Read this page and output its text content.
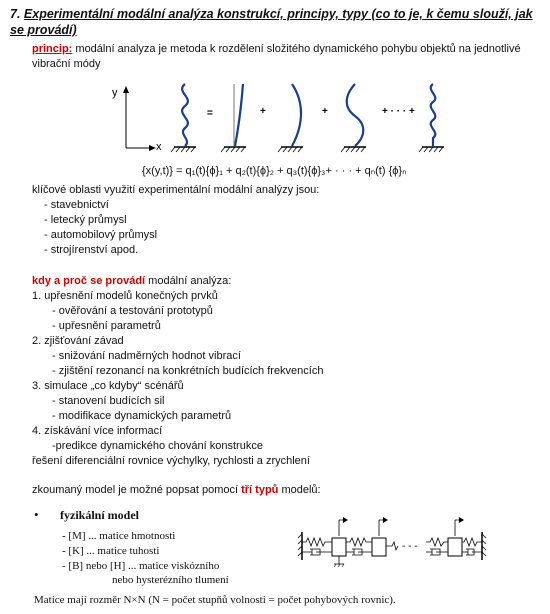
7. Experimentální modální analýza konstrukcí, principy, typy (co to je, k čemu slouží, jak se provádí)
princip: modální analyza je metoda k rozdělení složitého dynamického pohybu objektů na jednotlivé vibrační módy
y
x
=	+	+	+ · · · +
{x(y,t)} = q₁(t){ϕ}₁ + q₂(t){ϕ}₂ + q₃(t){ϕ}₃+ · · · + qₙ(t) {ϕ}ₙ
klíčové oblasti využití experimentální modální analýzy jsou:
- stavebnictví
- letecký průmysl
- automobilový průmysl
- strojírenství apod.
kdy a proč se provádí modální analýza:
1. upřesnění modelů konečných prvků
- ověřování a testování prototypů
- upřesnění parametrů
2. zjišťování závad
- snižování nadměrných hodnot vibrací
- zjištění rezonancí na konkrétních budících frekvencích
3. simulace „co kdyby“ scénářů
- stanovení budících sil
- modifikace dynamických parametrů
4. získávání více informací
-predikce dynamického chování konstrukce
řešení diferenciální rovnice výchylky, rychlosti a zrychlení
zkoumaný model je možné popsat pomocí tří typů modelů:
• fyzikální model
- [M] ... matice hmotnosti
- [K] ... matice tuhosti
- [B] nebo [H] ... matice viskózního
nebo hysterézního tlumení
- - -
Matice mají rozměr N×N (N = počet stupňů volnosti = počet pohybových rovnic).
